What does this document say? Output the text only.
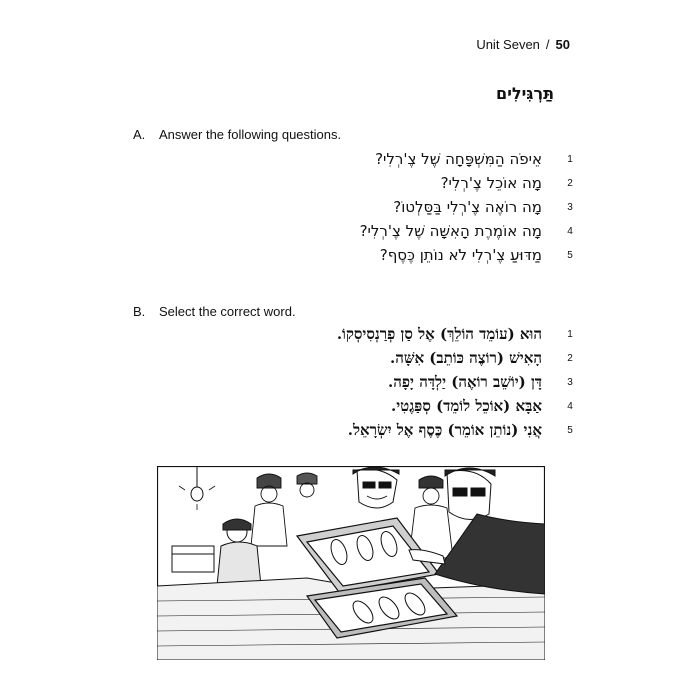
Unit Seven / 50
תַּרְגִּילִים
A. Answer the following questions.
1
אֵיפֹה הַמִּשְׁפָּחָה שֶׁל צֶ'רְלִי?
2
מָה אוֹכֵל צֶ'רְלִי?
3
מָה רוֹאֶה צֶ'רְלִי בַּסַּלְטוֹ?
4
מָה אוֹמֶרֶת הָאִשָּׁה שֶׁל צֶ'רְלִי?
5
מַדּוּעַ צֶ'רְלִי לֹא נוֹתֵן כֶּסֶף?
B. Select the correct word.
1
הוּא (עוֹמֵד הוֹלֵךְ) אֶל סַן פְרַנְסִיסְקוֹ.
2
הָאִישׁ (רוֹצֶה כּוֹתֵב) אִשָּׁה.
3
דָּן (יוֹשֵׁב רוֹאֶה) יַלְדָּה יָפָה.
4
אַבָּא (אוֹכֵל לוֹמֵד) סְפַּגֶטִי.
5
אֲנִי (נוֹתֵן אוֹמֵר) כֶּסֶף אֶל יִשְׂרָאֵל.
